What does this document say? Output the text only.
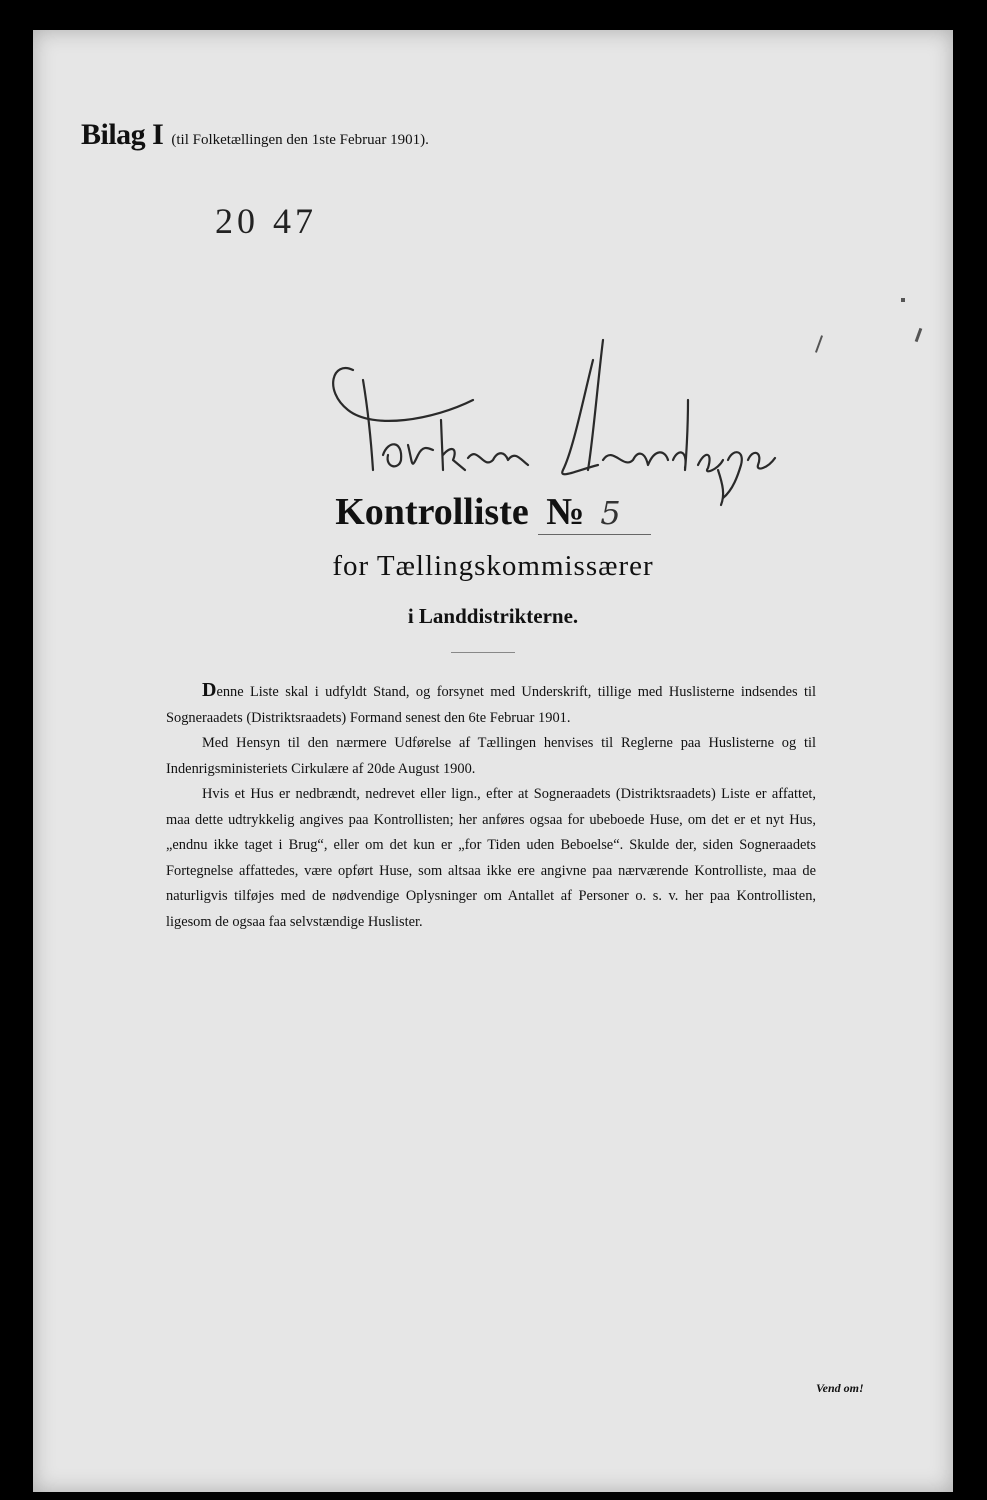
Bilag I (til Folketællingen den 1ste Februar 1901).
20 47
Kontrolliste № 5
for Tællingskommissærer
i Landdistrikterne.

Denne Liste skal i udfyldt Stand, og forsynet med Underskrift, tillige med Huslisterne indsendes til Sogneraadets (Distriktsraadets) Formand senest den 6te Februar 1901.

Med Hensyn til den nærmere Udførelse af Tællingen henvises til Reglerne paa Huslisterne og til Indenrigsministeriets Cirkulære af 20de August 1900.

Hvis et Hus er nedbrændt, nedrevet eller lign., efter at Sogneraadets (Distriktsraadets) Liste er affattet, maa dette udtrykkelig angives paa Kontrollisten; her anføres ogsaa for ubeboede Huse, om det er et nyt Hus, „endnu ikke taget i Brug“, eller om det kun er „for Tiden uden Beboelse“. Skulde der, siden Sogneraadets Fortegnelse affattedes, være opført Huse, som altsaa ikke ere angivne paa nærværende Kontrolliste, maa de naturligvis tilføjes med de nødvendige Oplysninger om Antallet af Personer o. s. v. her paa Kontrollisten, ligesom de ogsaa faa selvstændige Huslister.

Vend om!
